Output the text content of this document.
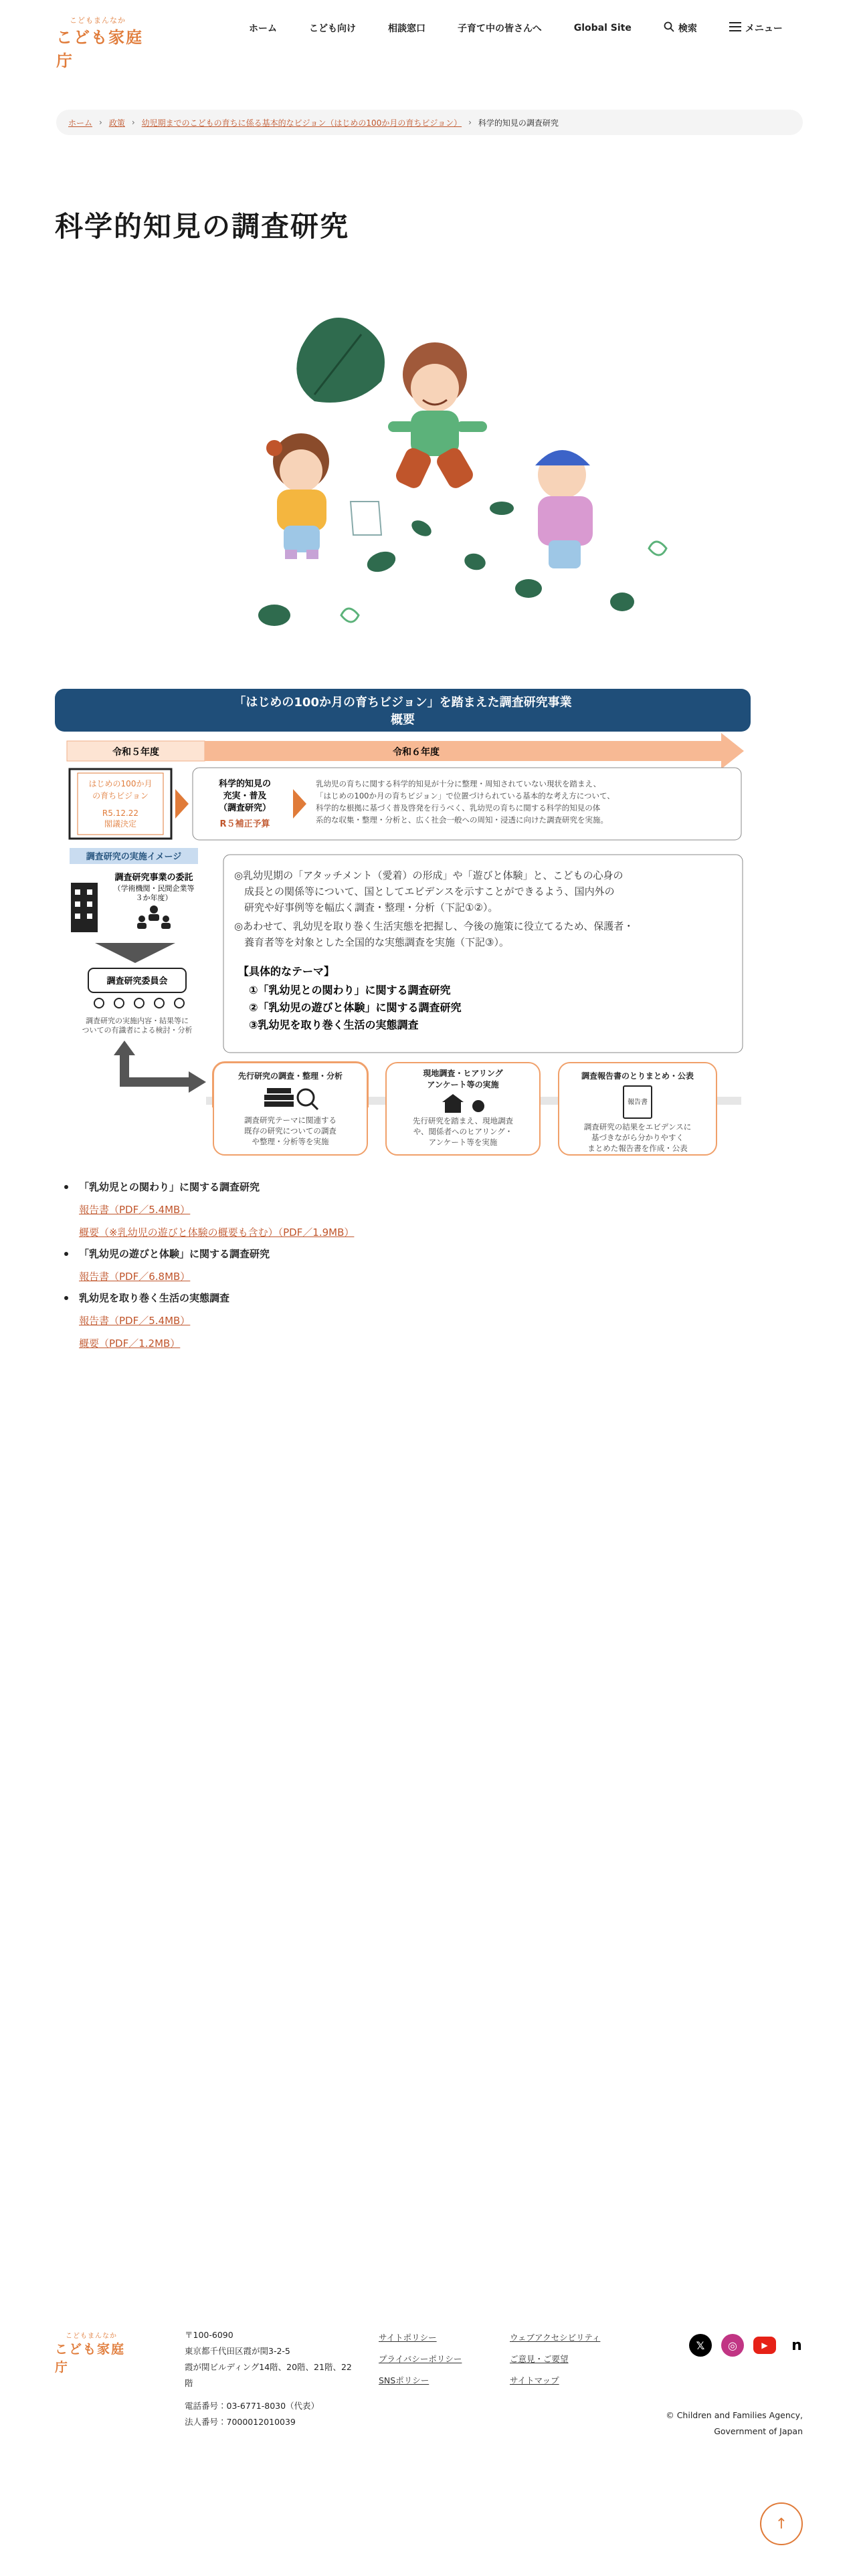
こどもまんなか
こども家庭庁
ホーム	こども向け	相談窓口	子育て中の皆さんへ	Global Site	検索	メニュー
ホーム › 政策 › 幼児期までのこどもの育ちに係る基本的なビジョン（はじめの100か月の育ちビジョン） › 科学的知見の調査研究
科学的知見の調査研究
「はじめの100か月の育ちビジョン」を踏まえた調査研究事業
概要
令和５年度	令和６年度
はじめの100か月
の育ちビジョン
R5.12.22
閣議決定
科学的知見の
充実・普及
（調査研究）
R５補正予算
乳幼児の育ちに関する科学的知見が十分に整理・周知されていない現状を踏まえ、
「はじめの100か月の育ちビジョン」で位置づけられている基本的な考え方について、
科学的な根拠に基づく普及啓発を行うべく、乳幼児の育ちに関する科学的知見の体
系的な収集・整理・分析と、広く社会一般への周知・浸透に向けた調査研究を実施。
調査研究の実施イメージ
調査研究事業の委託
（学術機関・民間企業等
３か年度）
調査研究委員会
調査研究の実施内容・結果等に
ついての有識者による検討・分析
◎乳幼児期の「アタッチメント（愛着）の形成」や「遊びと体験」と、こどもの心身の
　成長との関係等について、国としてエビデンスを示すことができるよう、国内外の
　研究や好事例等を幅広く調査・整理・分析（下記①②）。
◎あわせて、乳幼児を取り巻く生活実態を把握し、今後の施策に役立てるため、保護者・
　養育者等を対象とした全国的な実態調査を実施（下記③）。
【具体的なテーマ】
①「乳幼児との関わり」に関する調査研究
②「乳幼児の遊びと体験」に関する調査研究
③乳幼児を取り巻く生活の実態調査
先行研究の調査・整理・分析
調査研究テーマに関連する
既存の研究についての調査
や整理・分析等を実施
現地調査・ヒアリング
アンケート等の実施
先行研究を踏まえ、現地調査
や、関係者へのヒアリング・
アンケート等を実施
調査報告書のとりまとめ・公表
報告書
調査研究の結果をエビデンスに
基づきながら分かりやすく
まとめた報告書を作成・公表
「乳幼児との関わり」に関する調査研究
報告書（PDF／5.4MB）
概要（※乳幼児の遊びと体験の概要も含む）（PDF／1.9MB）
「乳幼児の遊びと体験」に関する調査研究
報告書（PDF／6.8MB）
乳幼児を取り巻く生活の実態調査
報告書（PDF／5.4MB）
概要（PDF／1.2MB）
こどもまんなか
こども家庭庁
〒100-6090
東京都千代田区霞が関3-2-5
霞が関ビルディング14階、20階、21階、22
階
電話番号：03-6771-8030（代表）
法人番号：7000012010039
サイトポリシー
プライバシーポリシー
SNSポリシー
ウェブアクセシビリティ
ご意見・ご要望
サイトマップ
𝕏	◎	▶	n
© Children and Families Agency,
Government of Japan
↑
